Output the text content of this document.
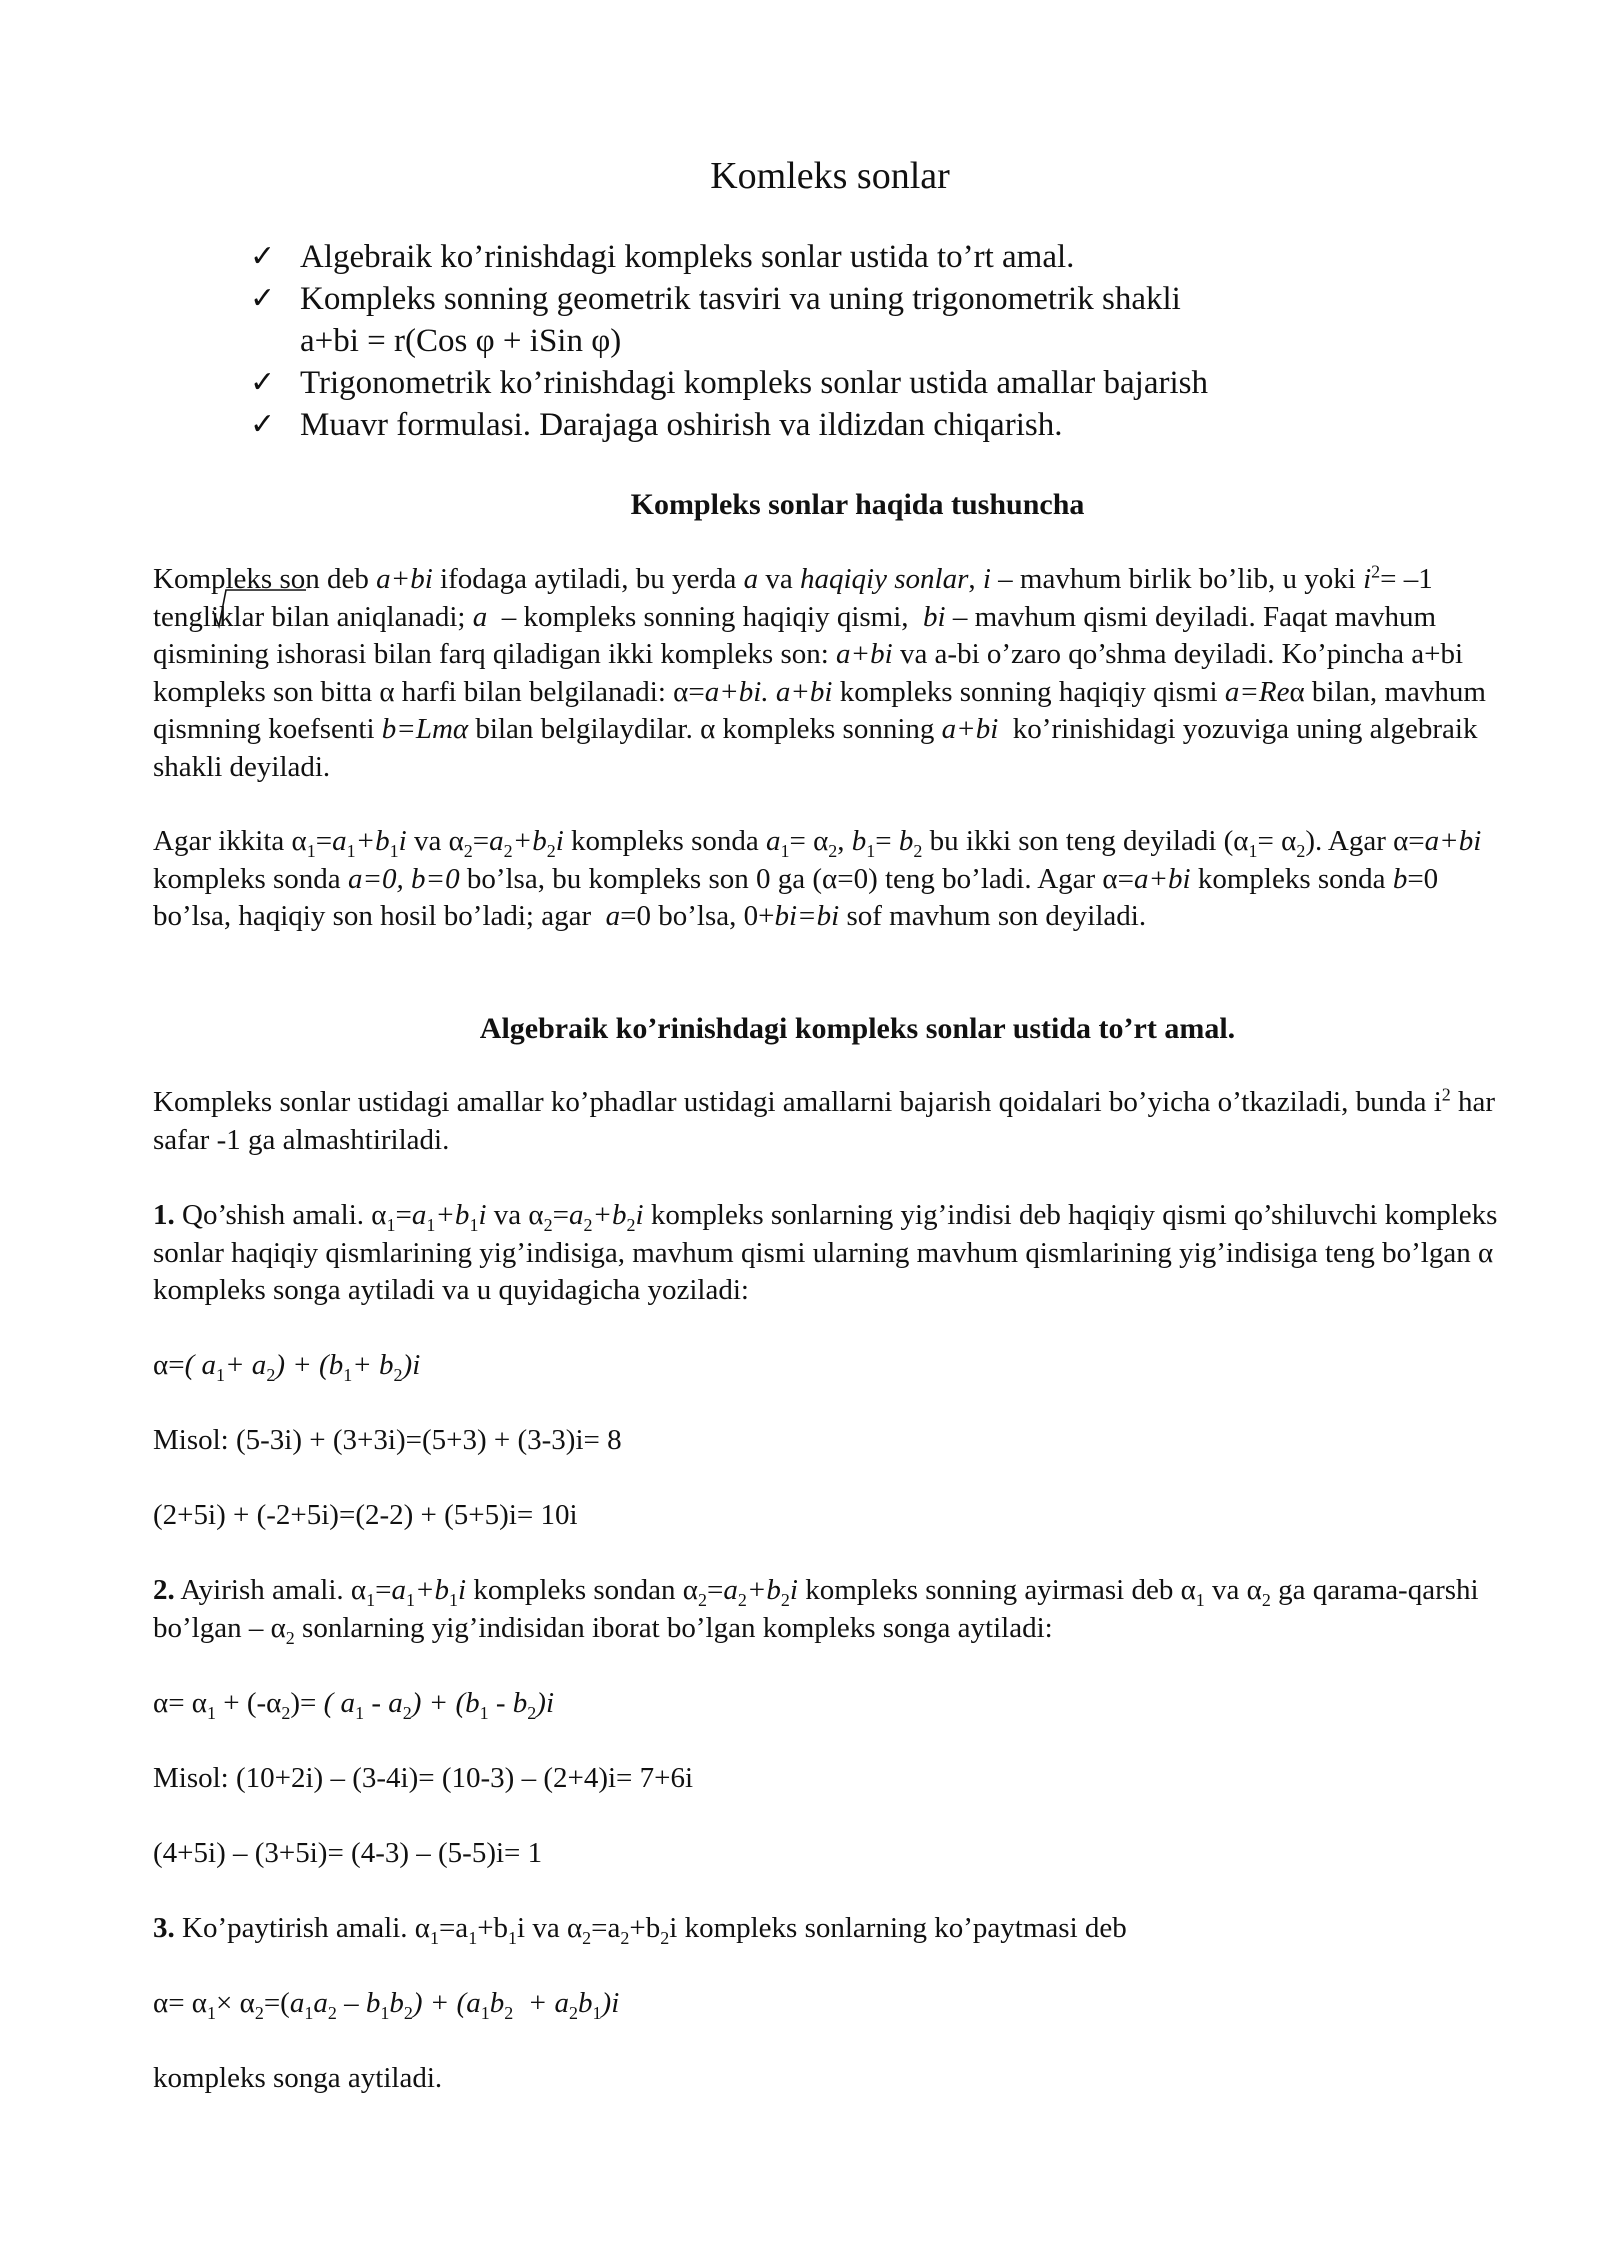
Komleks sonlar
✓ Algebraik ko’rinishdagi kompleks sonlar ustida to’rt amal.
✓ Kompleks sonning geometrik tasviri va uning trigonometrik shakli
a+bi = r(Cos φ + iSin φ)
✓ Trigonometrik ko’rinishdagi kompleks sonlar ustida amallar bajarish
✓ Muavr formulasi. Darajaga oshirish va ildizdan chiqarish.
Kompleks sonlar haqida tushuncha

Kompleks son deb a+bi ifodaga aytiladi, bu yerda a va haqiqiy sonlar, i – mavhum birlik bo’lib, u yoki $i^2= -1$ tengliklar bilan aniqlanadi; a  – kompleks sonning haqiqiy qismi,  bi – mavhum qismi deyiladi. Faqat mavhum qismining ishorasi bilan farq qiladigan ikki kompleks son: a+bi va a-bi o’zaro qo’shma deyiladi. Ko’pincha a+bi kompleks son bitta α harfi bilan belgilanadi: α=a+bi. a+bi kompleks sonning haqiqiy qismi a=Reα bilan, mavhum qismning koefsenti b=Lmα bilan belgilaydilar. α kompleks sonning a+bi  ko’rinishidagi yozuviga uning algebraik shakli deyiladi.

Agar ikkita $\alpha_1=a_1+b_1i$ va $\alpha_2=a_2+b_2i$ kompleks sonda $a_1= \alpha_2$, $b_1= b_2$ bu ikki son teng deyiladi $(\alpha_1= \alpha_2)$. Agar α=a+bi kompleks sonda a=0, b=0 bo’lsa, bu kompleks son 0 ga (α=0) teng bo’ladi. Agar α=a+bi kompleks sonda b=0 bo’lsa, haqiqiy son hosil bo’ladi; agar  a=0 bo’lsa, 0+bi=bi sof mavhum son deyiladi.

Algebraik ko’rinishdagi kompleks sonlar ustida to’rt amal.

Kompleks sonlar ustidagi amallar ko’phadlar ustidagi amallarni bajarish qoidalari bo’yicha o’tkaziladi, bunda $i^2$ har safar -1 ga almashtiriladi.

1. Qo’shish amali. $\alpha_1=a_1+b_1i$ va $\alpha_2=a_2+b_2i$ kompleks sonlarning yig’indisi deb haqiqiy qismi qo’shiluvchi kompleks sonlar haqiqiy qismlarining yig’indisiga, mavhum qismi ularning mavhum qismlarining yig’indisiga teng bo’lgan α kompleks songa aytiladi va u quyidagicha yoziladi:

α=( $a_1+ a_2) + (b_1+ b_2)i$
Misol: (5-3i) + (3+3i)=(5+3) + (3-3)i= 8
(2+5i) + (-2+5i)=(2-2) + (5+5)i= 10i

2. Ayirish amali. $\alpha_1=a_1+b_1i$ kompleks sondan $\alpha_2=a_2+b_2i$ kompleks sonning ayirmasi deb $\alpha_1$ va $\alpha_2$ ga qarama-qarshi bo’lgan – $\alpha_2$ sonlarning yig’indisidan iborat bo’lgan kompleks songa aytiladi:

$\alpha= \alpha_1 + (-\alpha_2)=$ ( $a_1 - a_2) + (b_1 - b_2)i$
Misol: (10+2i) – (3-4i)= (10-3) – (2+4)i= 7+6i
(4+5i) – (3+5i)= (4-3) – (5-5)i= 1
3. Ko’paytirish amali. $\alpha_1=a_1+b_1i$ va $\alpha_2=a_2+b_2i$ kompleks sonlarning ko’paytmasi deb
$\alpha= \alpha_1\times \alpha_2=(a_1a_2 - b_1b_2) + (a_1b_2 + a_2b_1)i$
kompleks songa aytiladi.
